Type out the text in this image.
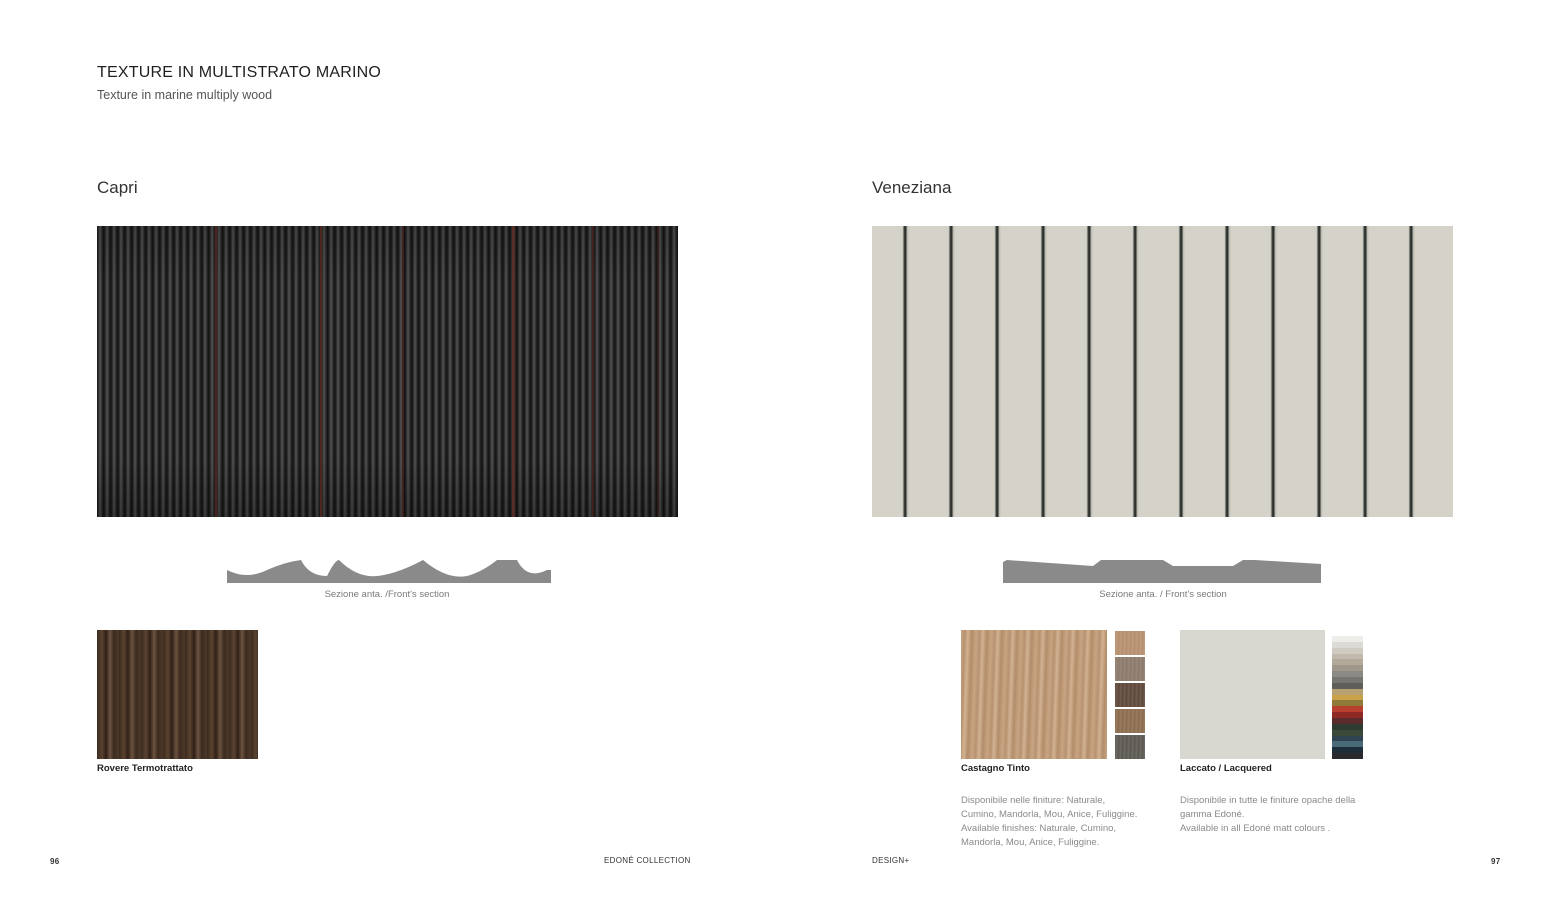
TEXTURE IN MULTISTRATO MARINO
Texture in marine multiply wood
Capri
Sezione anta. /Front's section
Rovere Termotrattato
Veneziana
Sezione anta. / Front's section
Castagno Tinto
Disponibile nelle finiture: Naturale,
Cumino, Mandorla, Mou, Anice, Fuliggine.
Available finishes: Naturale, Cumino,
Mandorla, Mou, Anice, Fuliggine.
Laccato / Lacquered
Disponibile in tutte le finiture opache della
gamma Edoné.
Available in all Edoné matt colours .
96	EDONÉ COLLECTION	DESIGN+	97
